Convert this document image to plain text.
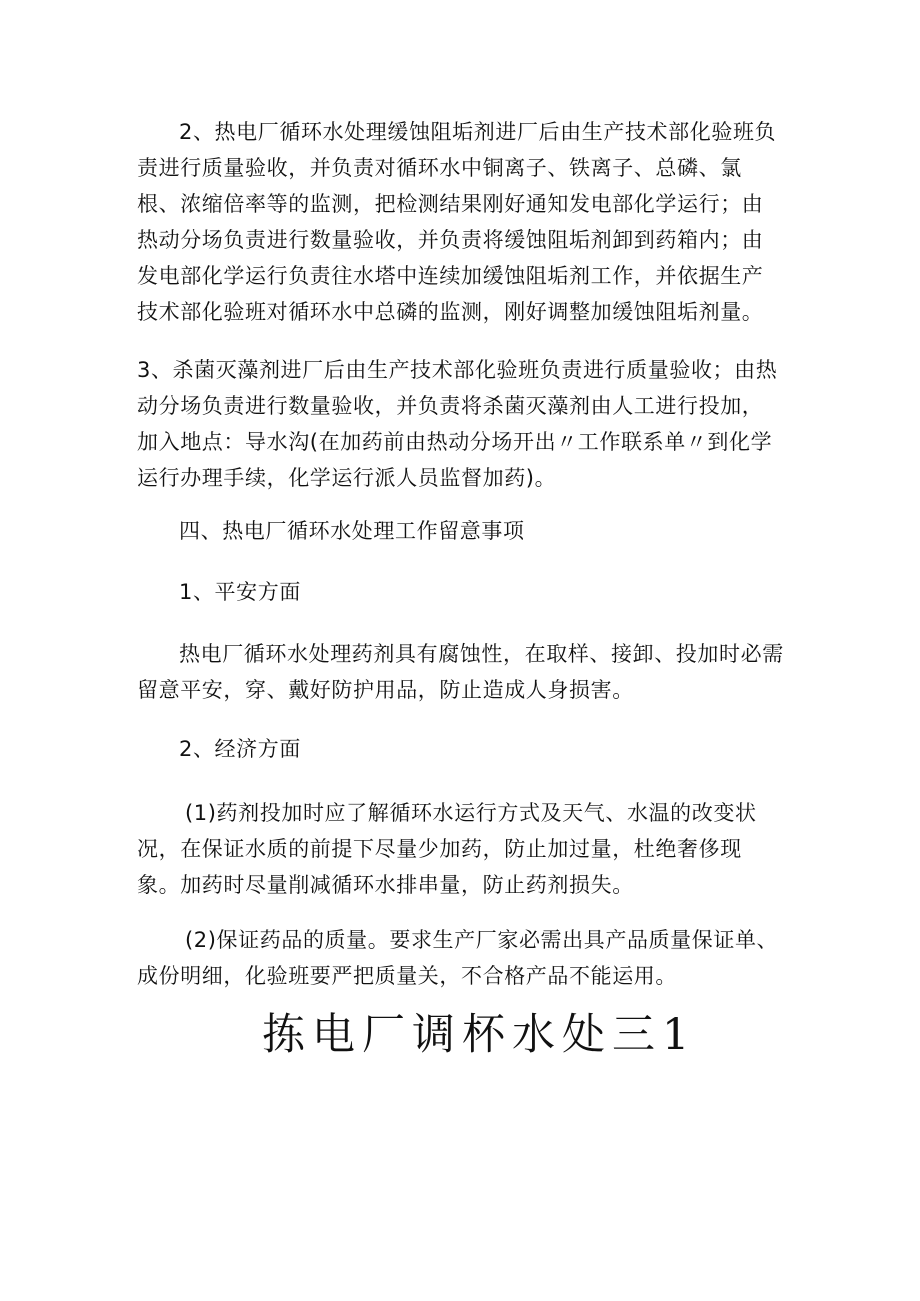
2、热电厂循环水处理缓蚀阻垢剂进厂后由生产技术部化验班负
责进行质量验收，并负责对循环水中铜离子、铁离子、总磷、氯
根、浓缩倍率等的监测，把检测结果刚好通知发电部化学运行；由
热动分场负责进行数量验收，并负责将缓蚀阻垢剂卸到药箱内；由
发电部化学运行负责往水塔中连续加缓蚀阻垢剂工作，并依据生产
技术部化验班对循环水中总磷的监测，刚好调整加缓蚀阻垢剂量。
3、杀菌灭藻剂进厂后由生产技术部化验班负责进行质量验收；由热
动分场负责进行数量验收，并负责将杀菌灭藻剂由人工进行投加，
加入地点：导水沟(在加药前由热动分场开出〃工作联系单〃到化学
运行办理手续，化学运行派人员监督加药)。
四、热电厂循环水处理工作留意事项
1、平安方面
热电厂循环水处理药剂具有腐蚀性，在取样、接卸、投加时必需
留意平安，穿、戴好防护用品，防止造成人身损害。
2、经济方面
(1)药剂投加时应了解循环水运行方式及天气、水温的改变状
况，在保证水质的前提下尽量少加药，防止加过量，杜绝奢侈现
象。加药时尽量削减循环水排串量，防止药剂损失。
(2)保证药品的质量。要求生产厂家必需出具产品质量保证单、
成份明细，化验班要严把质量关，不合格产品不能运用。
拣电厂调杯水处三1
